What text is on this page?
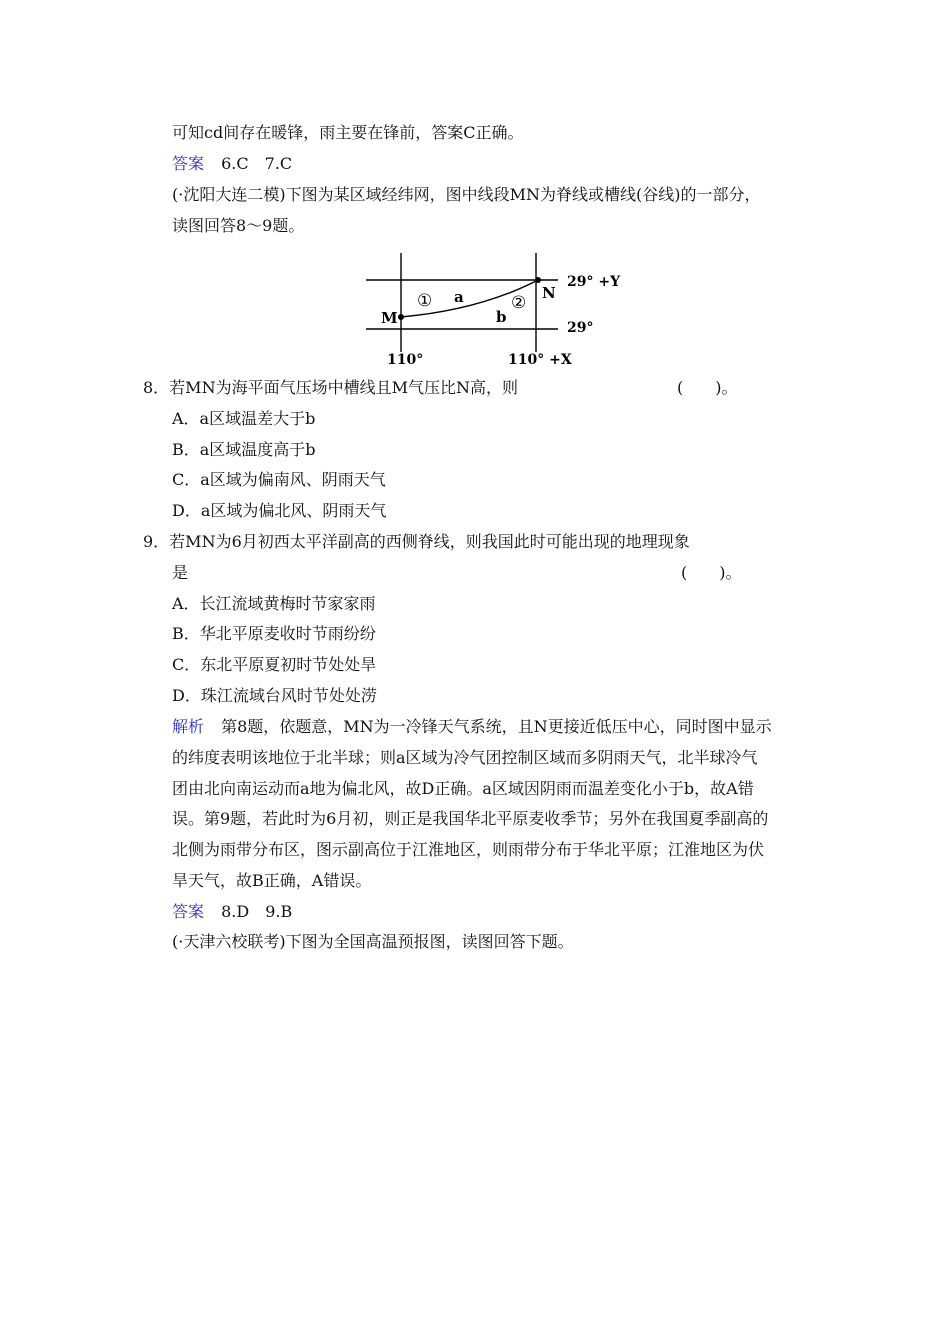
可知cd间存在暖锋，雨主要在锋前，答案C正确。
答案 6.C　7.C
(·沈阳大连二模)下图为某区域经纬网，图中线段MN为脊线或槽线(谷线)的一部分，
读图回答8～9题。
M
N
① a	②
b
29° +Y
29°
110°	110° +X
8．若MN为海平面气压场中槽线且M气压比N高，则	(　　)。
A．a区域温差大于b
B．a区域温度高于b
C．a区域为偏南风、阴雨天气
D．a区域为偏北风、阴雨天气
9．若MN为6月初西太平洋副高的西侧脊线，则我国此时可能出现的地理现象
是	(　　)。
A．长江流域黄梅时节家家雨
B．华北平原麦收时节雨纷纷
C．东北平原夏初时节处处旱
D．珠江流域台风时节处处涝
解析 第8题，依题意，MN为一冷锋天气系统，且N更接近低压中心，同时图中显示
的纬度表明该地位于北半球；则a区域为冷气团控制区域而多阴雨天气，北半球冷气
团由北向南运动而a地为偏北风，故D正确。a区域因阴雨而温差变化小于b，故A错
误。第9题，若此时为6月初，则正是我国华北平原麦收季节；另外在我国夏季副高的
北侧为雨带分布区，图示副高位于江淮地区，则雨带分布于华北平原；江淮地区为伏
旱天气，故B正确，A错误。
答案 8.D　9.B
(·天津六校联考)下图为全国高温预报图，读图回答下题。
